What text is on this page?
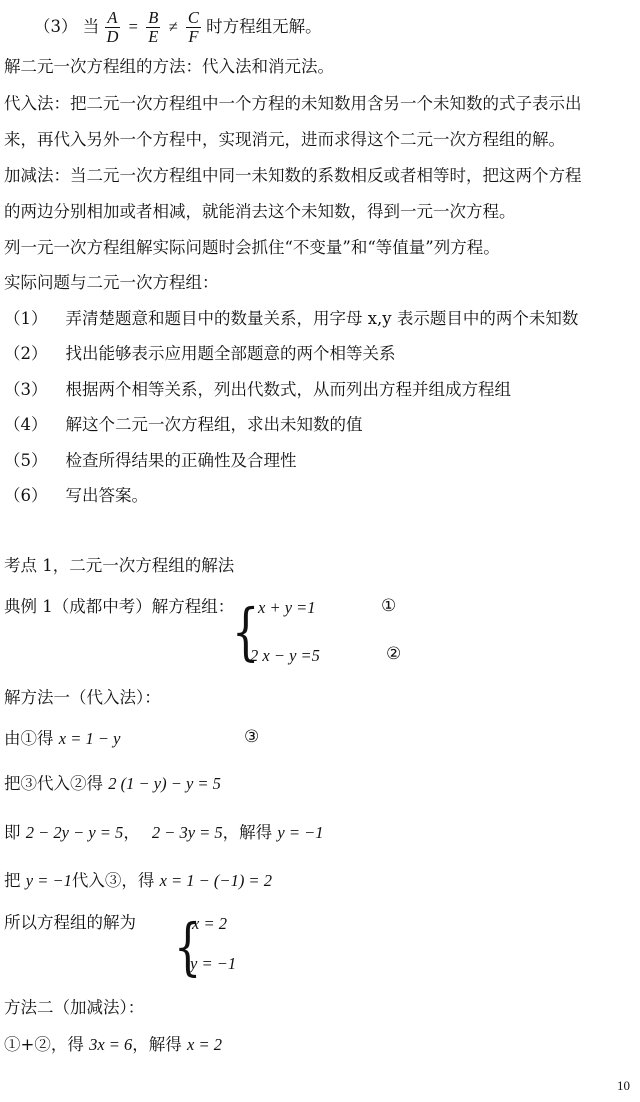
（3） 当 $\frac{A}{D} = \frac{B}{E} \ne \frac{C}{F}$ 时方程组无解。
解二元一次方程组的方法：代入法和消元法。
代入法：把二元一次方程组中一个方程的未知数用含另一个未知数的式子表示出
来，再代入另外一个方程中，实现消元，进而求得这个二元一次方程组的解。
加减法：当二元一次方程组中同一未知数的系数相反或者相等时，把这两个方程
的两边分别相加或者相减，就能消去这个未知数，得到一元一次方程。
列一元一次方程组解实际问题时会抓住“不变量”和“等值量”列方程。
实际问题与二元一次方程组：
（1） 弄清楚题意和题目中的数量关系，用字母 x,y 表示题目中的两个未知数
（2） 找出能够表示应用题全部题意的两个相等关系
（3） 根据两个相等关系，列出代数式，从而列出方程并组成方程组
（4） 解这个二元一次方程组，求出未知数的值
（5） 检查所得结果的正确性及合理性
（6） 写出答案。
考点 1，二元一次方程组的解法
典例 1（成都中考）解方程组：
{
x + y =1	①
2 x − y =5	②
解方法一（代入法）：
由①得 x = 1 − y	③
把③代入②得 2 (1 − y) − y = 5
即 2 − 2y − y = 5， 2 − 3y = 5，解得 y = −1
把 y = −1代入③，得 x = 1 − (−1) = 2
所以方程组的解为 {
x = 2
y = −1
方法二（加减法）：
①+②，得 3x = 6，解得 x = 2
10
